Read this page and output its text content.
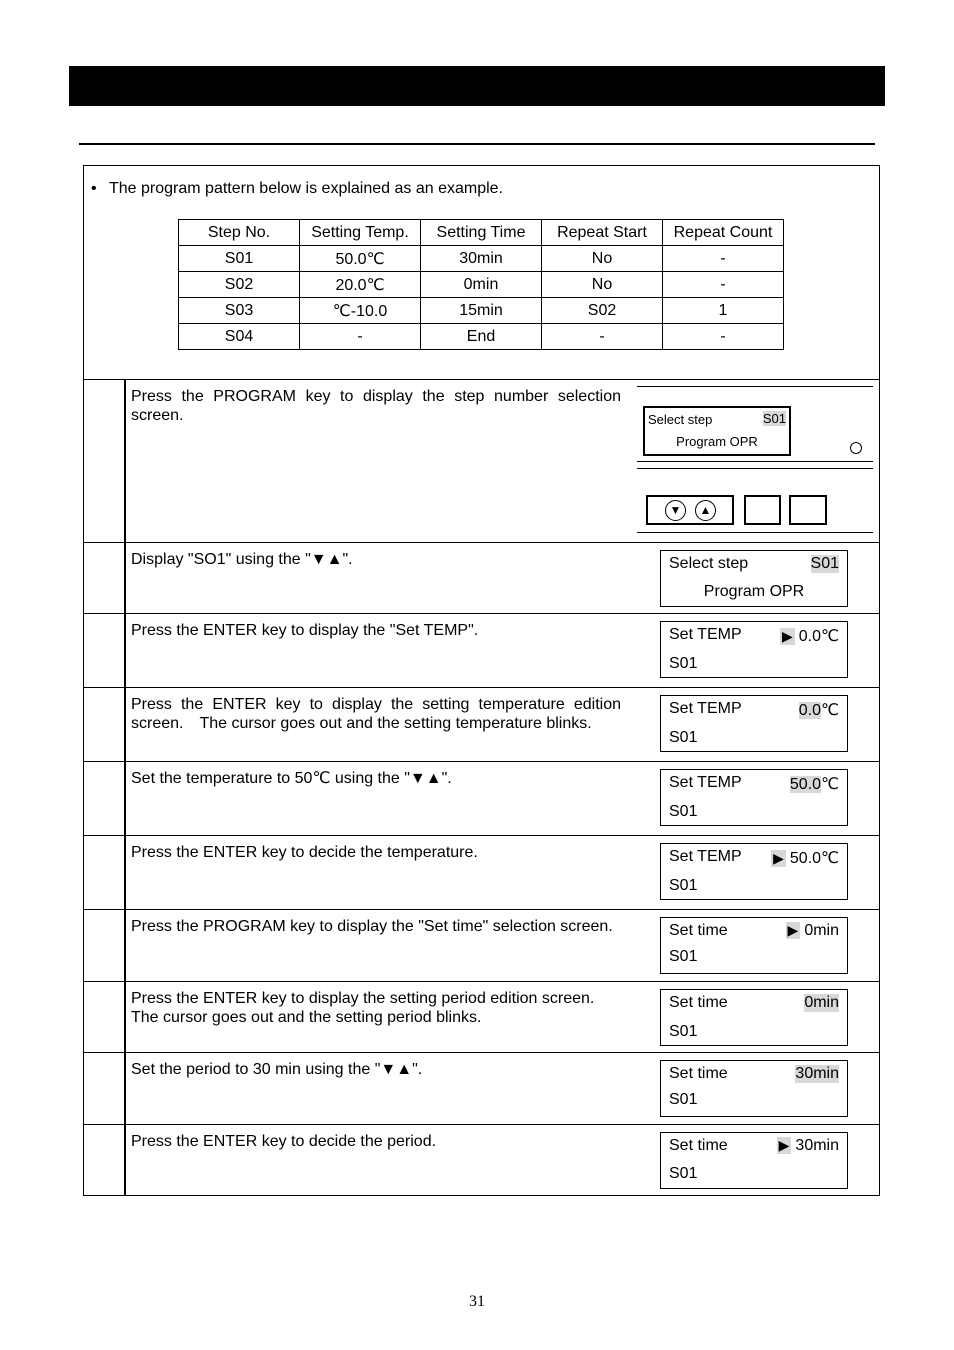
• The program pattern below is explained as an example.
Step No.	Setting Temp.	Setting Time	Repeat Start	Repeat Count
S01	50.0℃	30min	No	-
S02	20.0℃	0min	No	-
S03	℃-10.0	15min	S02	1
S04	-	End	-	-
Press the PROGRAM key to display the step number selection screen.	Select step	S01
Program OPR
▼	▲
Display "SO1" using the "▼▲".	Select step	S01
Program OPR
Press the ENTER key to display the "Set TEMP".	Set TEMP	▶ 0.0℃
S01
Press the ENTER key to display the setting temperature edition screen.　The cursor goes out and the setting temperature blinks.
Set TEMP	0.0℃
S01
Set the temperature to 50℃ using the "▼▲".	Set TEMP	50.0℃
S01
Press the ENTER key to decide the temperature.	Set TEMP ▶ 50.0℃
S01
Press the PROGRAM key to display the "Set time" selection screen.	Set time	▶ 0min
S01
Press the ENTER key to display the setting period edition screen. The cursor goes out and the setting period blinks.
Set time	0min
S01
Set the period to 30 min using the "▼▲".	Set time	30min
S01
Press the ENTER key to decide the period.	Set time	▶ 30min
S01
31
